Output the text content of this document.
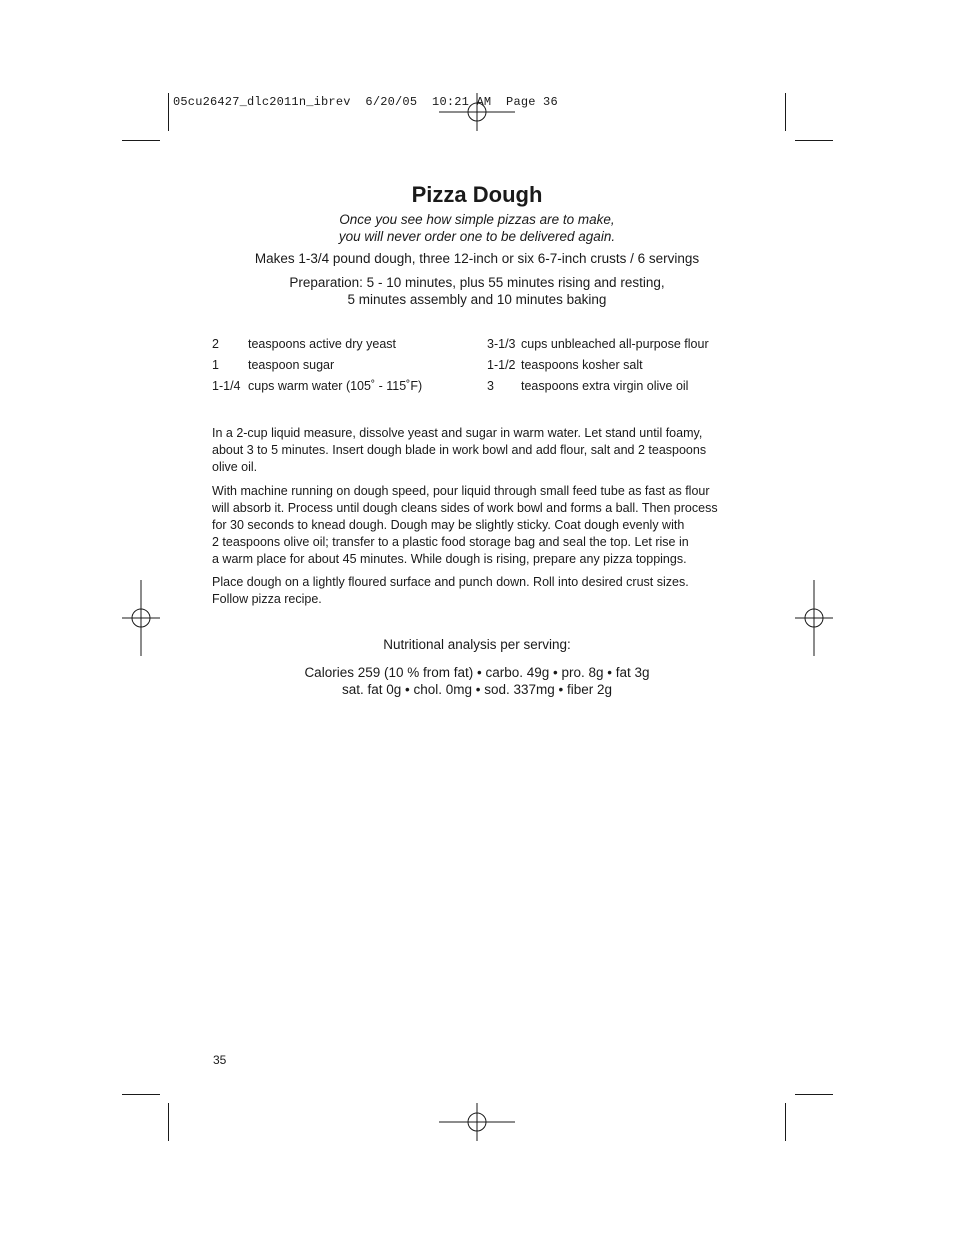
05cu26427_dlc2011n_ibrev  6/20/05  10:21 AM  Page 36
Pizza Dough
Once you see how simple pizzas are to make,
you will never order one to be delivered again.
Makes 1-3/4 pound dough, three 12-inch or six 6-7-inch crusts / 6 servings
Preparation: 5 - 10 minutes, plus 55 minutes rising and resting,
5 minutes assembly and 10 minutes baking
2 teaspoons active dry yeast
1 teaspoon sugar
1-1/4 cups warm water (105˚ - 115˚F)
3-1/3 cups unbleached all-purpose flour
1-1/2 teaspoons kosher salt
3 teaspoons extra virgin olive oil

In a 2-cup liquid measure, dissolve yeast and sugar in warm water. Let stand until foamy,
about 3 to 5 minutes. Insert dough blade in work bowl and add flour, salt and 2 teaspoons
olive oil.

With machine running on dough speed, pour liquid through small feed tube as fast as flour
will absorb it. Process until dough cleans sides of work bowl and forms a ball. Then process
for 30 seconds to knead dough. Dough may be slightly sticky. Coat dough evenly with
2 teaspoons olive oil; transfer to a plastic food storage bag and seal the top. Let rise in
a warm place for about 45 minutes. While dough is rising, prepare any pizza toppings.

Place dough on a lightly floured surface and punch down. Roll into desired crust sizes.
Follow pizza recipe.

Nutritional analysis per serving:
Calories 259 (10 % from fat) • carbo. 49g • pro. 8g • fat 3g
sat. fat 0g • chol. 0mg • sod. 337mg • fiber 2g
35
